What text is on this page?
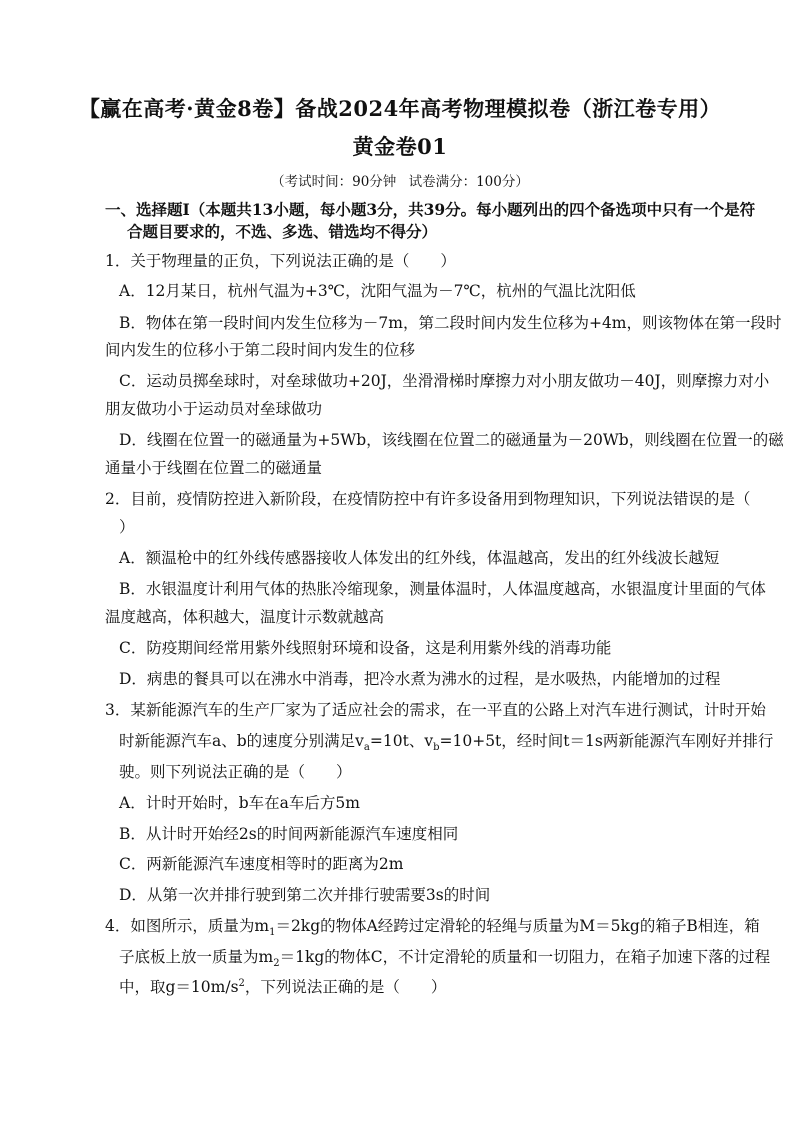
【赢在高考·黄金8卷】备战2024年高考物理模拟卷（浙江卷专用）
黄金卷01
（考试时间：90分钟 试卷满分：100分）
一、选择题Ⅰ（本题共13小题，每小题3分，共39分。每小题列出的四个备选项中只有一个是符
合题目要求的，不选、多选、错选均不得分）
1．关于物理量的正负，下列说法正确的是（　　）
A．12月某日，杭州气温为+3℃，沈阳气温为－7℃，杭州的气温比沈阳低
B．物体在第一段时间内发生位移为－7m，第二段时间内发生位移为+4m，则该物体在第一段时
间内发生的位移小于第二段时间内发生的位移
C．运动员掷垒球时，对垒球做功+20J，坐滑滑梯时摩擦力对小朋友做功－40J，则摩擦力对小
朋友做功小于运动员对垒球做功
D．线圈在位置一的磁通量为+5Wb，该线圈在位置二的磁通量为－20Wb，则线圈在位置一的磁
通量小于线圈在位置二的磁通量
2．目前，疫情防控进入新阶段，在疫情防控中有许多设备用到物理知识，下列说法错误的是（
）
A．额温枪中的红外线传感器接收人体发出的红外线，体温越高，发出的红外线波长越短
B．水银温度计利用气体的热胀冷缩现象，测量体温时，人体温度越高，水银温度计里面的气体
温度越高，体积越大，温度计示数就越高
C．防疫期间经常用紫外线照射环境和设备，这是利用紫外线的消毒功能
D．病患的餐具可以在沸水中消毒，把冷水煮为沸水的过程，是水吸热，内能增加的过程
3．某新能源汽车的生产厂家为了适应社会的需求，在一平直的公路上对汽车进行测试，计时开始
时新能源汽车a、b的速度分别满足$v_a=10t$、$v_b=10+5t$，经时间t＝1s两新能源汽车刚好并排行
驶。则下列说法正确的是（　　）
A．计时开始时，b车在a车后方5m
B．从计时开始经2s的时间两新能源汽车速度相同
C．两新能源汽车速度相等时的距离为2m
D．从第一次并排行驶到第二次并排行驶需要3s的时间
4．如图所示，质量为$m_1=2kg$的物体A经跨过定滑轮的轻绳与质量为M＝5kg的箱子B相连，箱
子底板上放一质量为$m_2=1kg$的物体C，不计定滑轮的质量和一切阻力，在箱子加速下落的过程
中，取$g=10m/s^2$，下列说法正确的是（　　）
